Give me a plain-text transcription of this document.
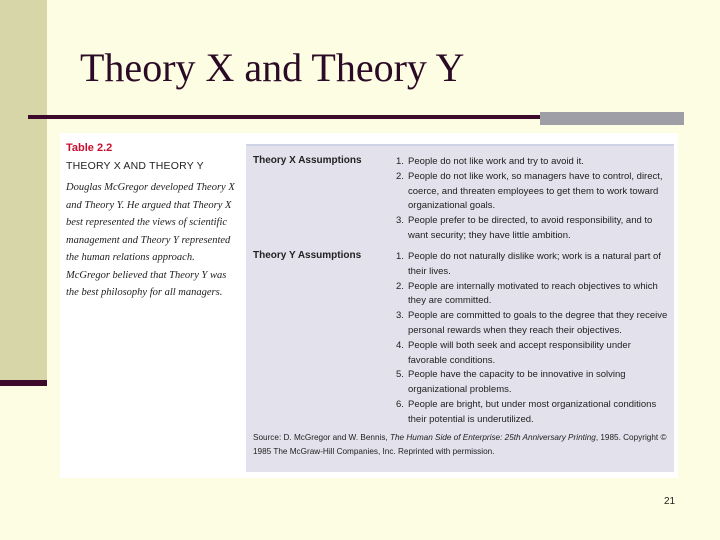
Theory X and Theory Y
Table 2.2
THEORY X AND THEORY Y
Douglas McGregor developed Theory X and Theory Y. He argued that Theory X best represented the views of scientific management and Theory Y represented the human relations approach. McGregor believed that Theory Y was the best philosophy for all managers.
Theory X Assumptions	1. People do not like work and try to avoid it.
2. People do not like work, so managers have to control, direct, coerce, and threaten employees to get them to work toward organizational goals.
3. People prefer to be directed, to avoid responsibility, and to want security; they have little ambition.
Theory Y Assumptions	1. People do not naturally dislike work; work is a natural part of their lives.
2. People are internally motivated to reach objectives to which they are committed.
3. People are committed to goals to the degree that they receive personal rewards when they reach their objectives.
4. People will both seek and accept responsibility under favorable conditions.
5. People have the capacity to be innovative in solving organizational problems.
6. People are bright, but under most organizational conditions their potential is underutilized.
Source: D. McGregor and W. Bennis, The Human Side of Enterprise: 25th Anniversary Printing, 1985. Copyright © 1985 The McGraw-Hill Companies, Inc. Reprinted with permission.
21
